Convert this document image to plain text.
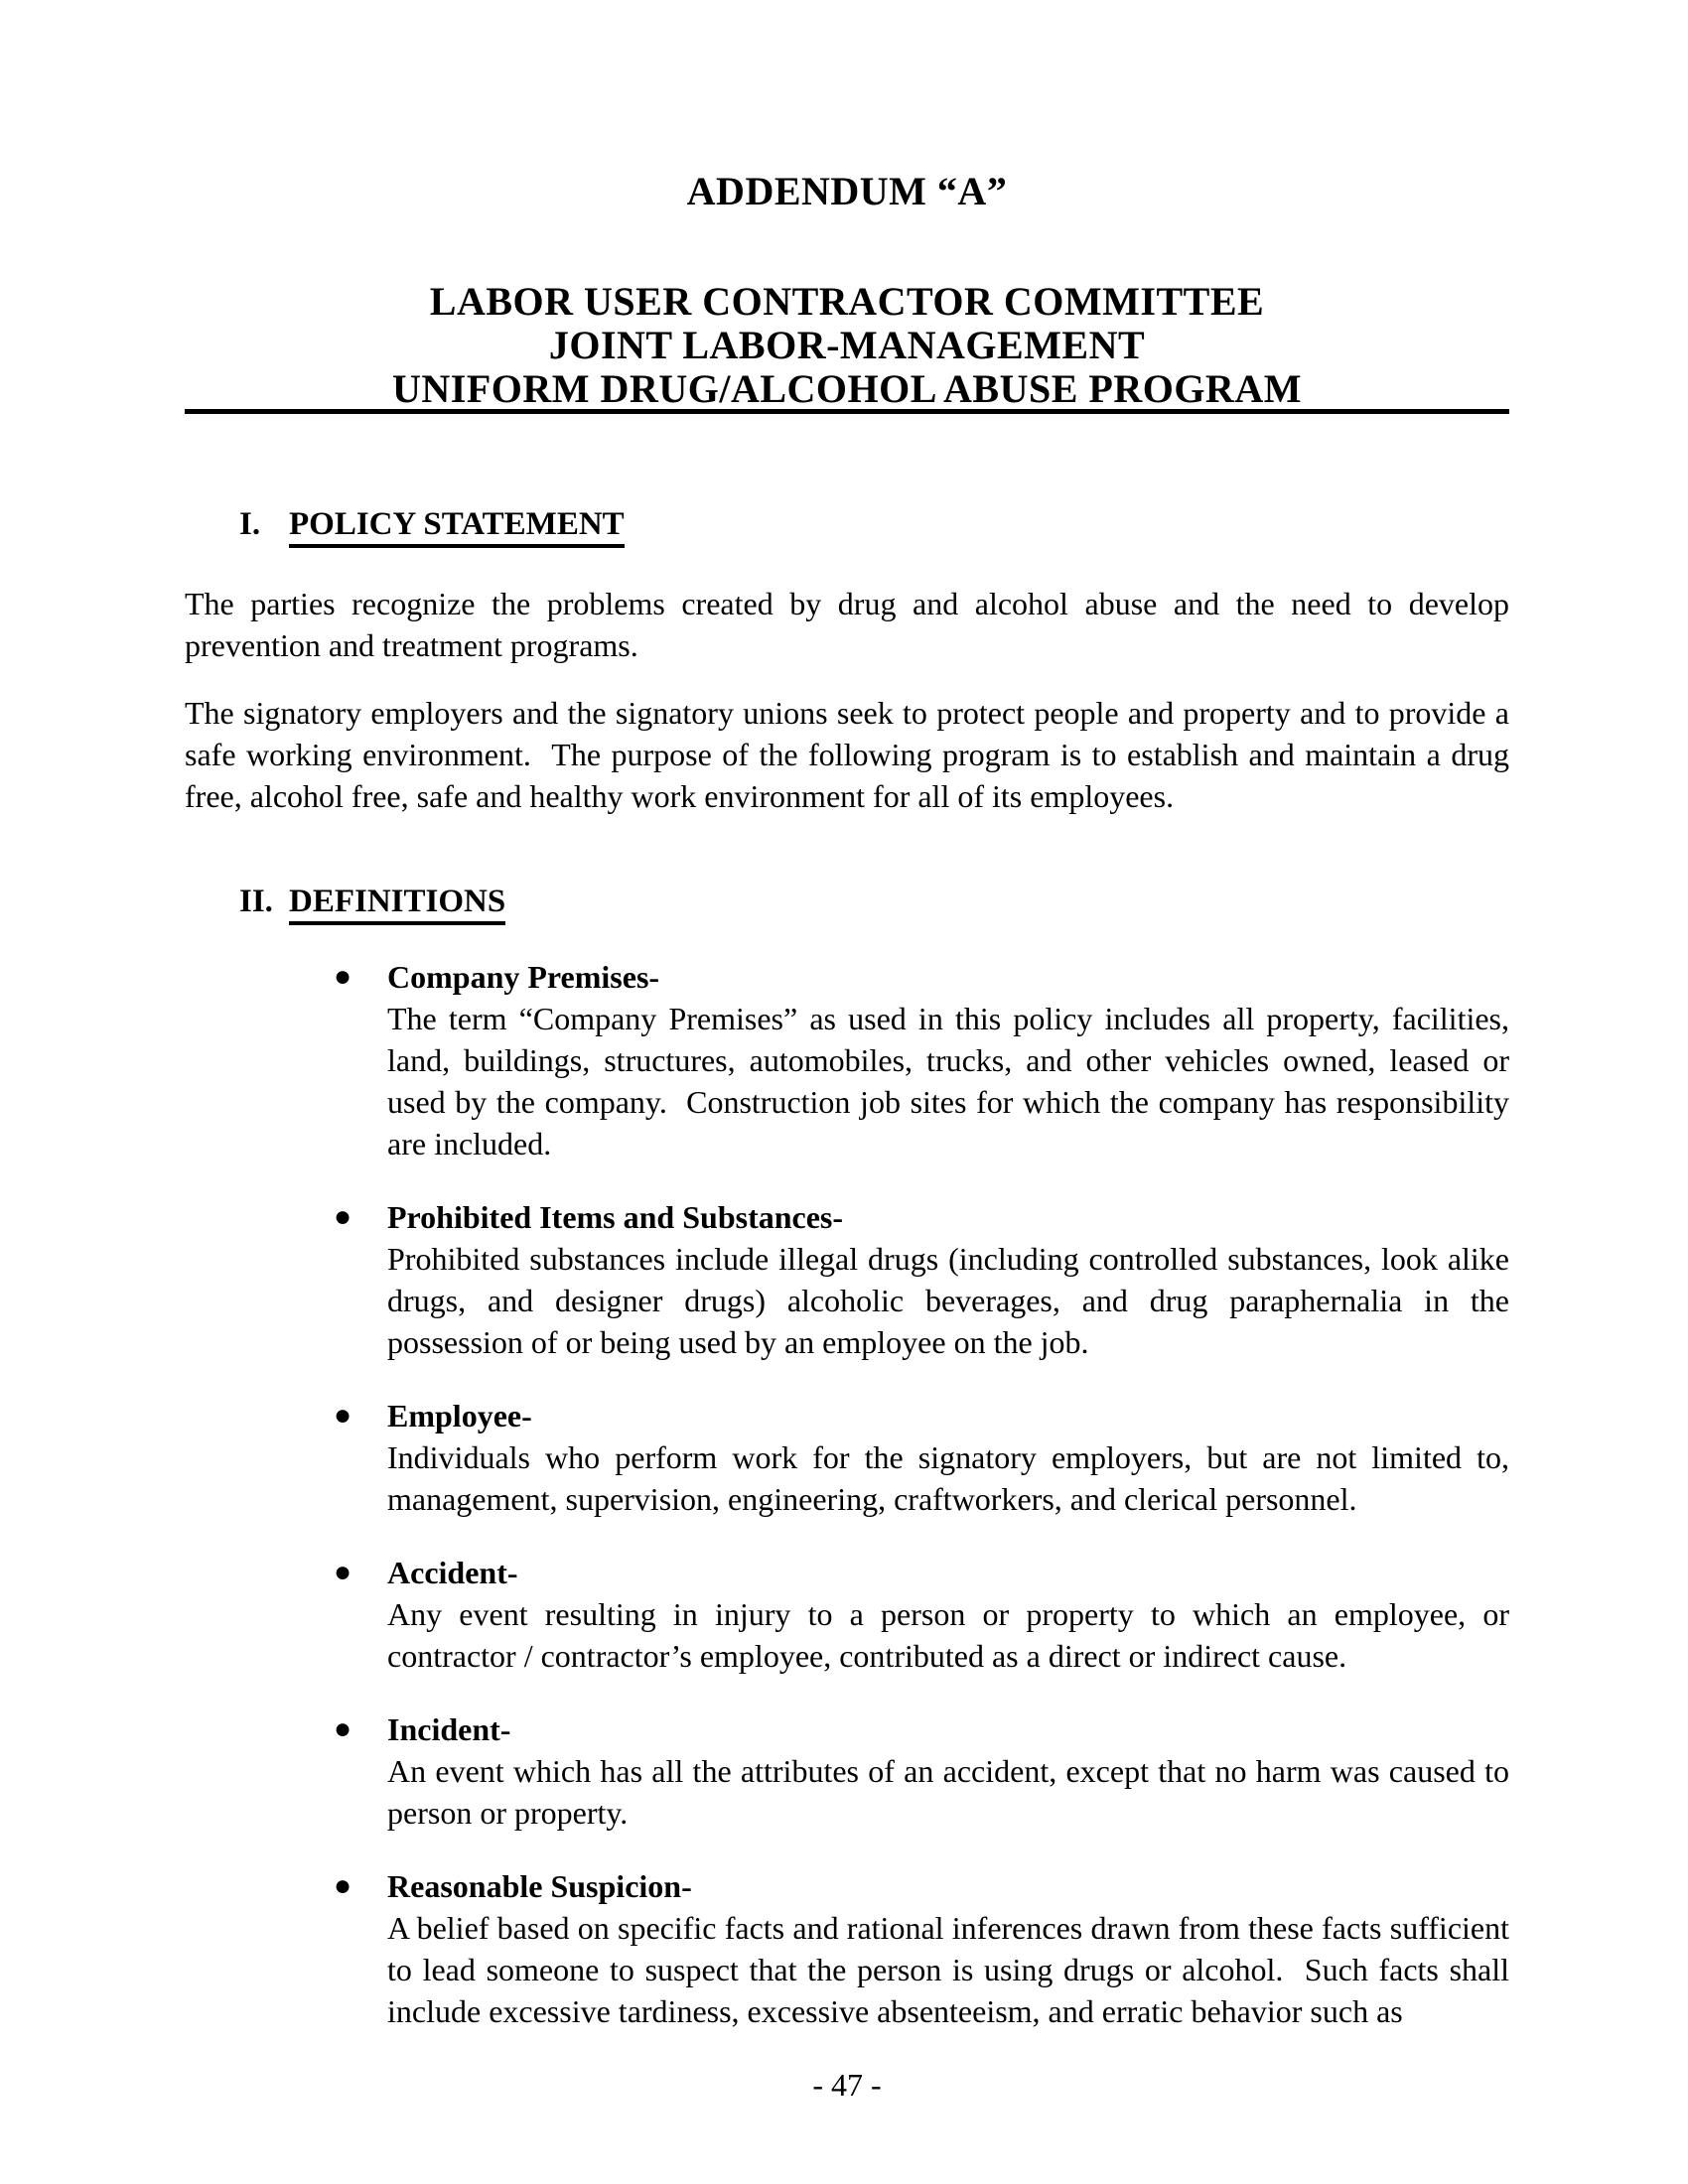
ADDENDUM “A”
LABOR USER CONTRACTOR COMMITTEE
JOINT LABOR-MANAGEMENT
UNIFORM DRUG/ALCOHOL ABUSE PROGRAM
I. POLICY STATEMENT
The parties recognize the problems created by drug and alcohol abuse and the need to develop prevention and treatment programs.
The signatory employers and the signatory unions seek to protect people and property and to provide a safe working environment.  The purpose of the following program is to establish and maintain a drug free, alcohol free, safe and healthy work environment for all of its employees.
II. DEFINITIONS
●	Company Premises-
The term “Company Premises” as used in this policy includes all property, facilities, land, buildings, structures, automobiles, trucks, and other vehicles owned, leased or used by the company.  Construction job sites for which the company has responsibility are included.
●	Prohibited Items and Substances-
Prohibited substances include illegal drugs (including controlled substances, look alike drugs, and designer drugs) alcoholic beverages, and drug paraphernalia in the possession of or being used by an employee on the job.
●	Employee-
Individuals who perform work for the signatory employers, but are not limited to, management, supervision, engineering, craftworkers, and clerical personnel.
●	Accident-
Any event resulting in injury to a person or property to which an employee, or contractor / contractor’s employee, contributed as a direct or indirect cause.
●	Incident-
An event which has all the attributes of an accident, except that no harm was caused to person or property.
●	Reasonable Suspicion-
A belief based on specific facts and rational inferences drawn from these facts sufficient to lead someone to suspect that the person is using drugs or alcohol.  Such facts shall include excessive tardiness, excessive absenteeism, and erratic behavior such as
- 47 -
